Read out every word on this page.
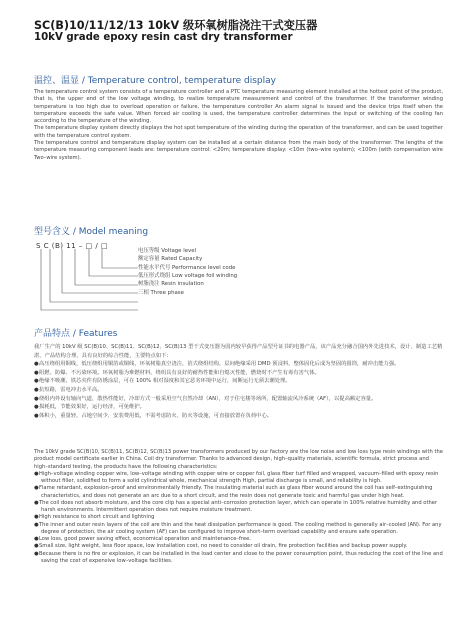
SC(B)10/11/12/13 10kV 级环氧树脂浇注干式变压器
10kV grade epoxy resin cast dry transformer
温控、温显 / Temperature control, temperature display

The temperature control system consists of a temperature controller and a PTC temperature measuring element installed at the hottest point of the product, that is, the upper end of the low voltage winding, to realize temperature measurement and control of the transformer. If the transformer winding temperature is too high due to overload operation or failure, the temperature controller An alarm signal is issued and the device trips itself when the temperature exceeds the safe value. When forced air cooling is used, the temperature controller determines the input or switching of the cooling fan according to the temperature of the winding.

The temperature display system directly displays the hot spot temperature of the winding during the operation of the transformer, and can be used together with the temperature control system.

The temperature control and temperature display system can be installed at a certain distance from the main body of the transformer. The lengths of the temperature measuring component leads are: temperature control: <20m; temperature display: <10m (two–wire system); <100m (with compensation wire Two–wire system).

型号含义 / Model meaning
S C (B) 11 – □ / □
电压等级 Voltage level
额定容量 Rated Capacity
性能水平代号 Performance level code
低压形式绕组 Low voltage foil winding
树脂浇注 Resin insulation
三相 Three phase
产品特点 / Features

我厂生产的 10kV 级 SC(B)10、SC(B)11、SC(B)12、SC(B)13 型干式变压器为国内较早获得产品型号证书的电器产品，该产品充分融合国内外先进技术，设计、制造工艺精湛，产品结构合理，具有良好的综合性能，主要特点如下：

●高压绕组用铜线，低压绕组用铜箔或铜线，环氧树脂真空浇注，箔式绕组结构，层间绝缘采用 DMD 预浸料，整体固化后成为坚固的圆筒，耐冲击能力强。

●阻燃、防爆、不污染环境。环氧树脂为难燃材料，绕组具有良好的耐热性能和自熄灭性能，燃烧时不产生有毒有害气体。

●绝缘不吸潮，铁芯夹件有防锈涂层，可在 100% 相对湿度和其它恶劣环境中运行，间断运行无须去潮处理。

●抗短路，雷电冲击水平高。

●绕组内外设有轴向气道，散热性能好，冷却方式一般采用空气自然冷却（AN），对于住宅楼等场所，配置轴流风冷系统（AF），以提高额定容量。

●损耗低，节能效果好，运行经济，可免维护。

●体积小，重量轻，占地空间少，安装费用低，不需考虑防火、防火等设施，可直接放置在负荷中心。

The 10kV grade SC(B)10, SC(B)11, SC(B)12, SC(B)13 power transformers produced by our factory are the low noise and low loss type resin windings with the product model certificate earlier in China. Coil dry transformer. Thanks to advanced design, high–quality materials, scientific formula, strict process and high–standard testing, the products have the following characteristics:

●High–voltage winding copper wire, low–voltage winding with copper wire or copper foil, glass fiber turf filled and wrapped, vacuum–filled with epoxy resin without filler, solidified to form a solid cylindrical whole, mechanical strength High, partial discharge is small, and reliability is high.

●Flame retardant, explosion–proof and environmentally friendly. The insulating material such as glass fiber wound around the coil has self–extinguishing characteristics, and does not generate an arc due to a short circuit, and the resin does not generate toxic and harmful gas under high heat.

●The coil does not absorb moisture, and the core clip has a special anti–corrosion protection layer, which can operate in 100% relative humidity and other harsh environments. Intermittent operation does not require moisture treatment.

●High resistance to short circuit and lightning

●The inner and outer resin layers of the coil are thin and the heat dissipation performance is good. The cooling method is generally air–cooled (AN). For any degree of protection, the air cooling system (AF) can be configured to improve short–term overload capability and ensure safe operation.

●Low loss, good power saving effect, economical operation and maintenance–free.

●Small size, light weight, less floor space, low installation cost, no need to consider oil drain, fire protection facilities and backup power supply.

●Because there is no fire or explosion, it can be installed in the load center and close to the power consumption point, thus reducing the cost of the line and saving the cost of expensive low–voltage facilities.
